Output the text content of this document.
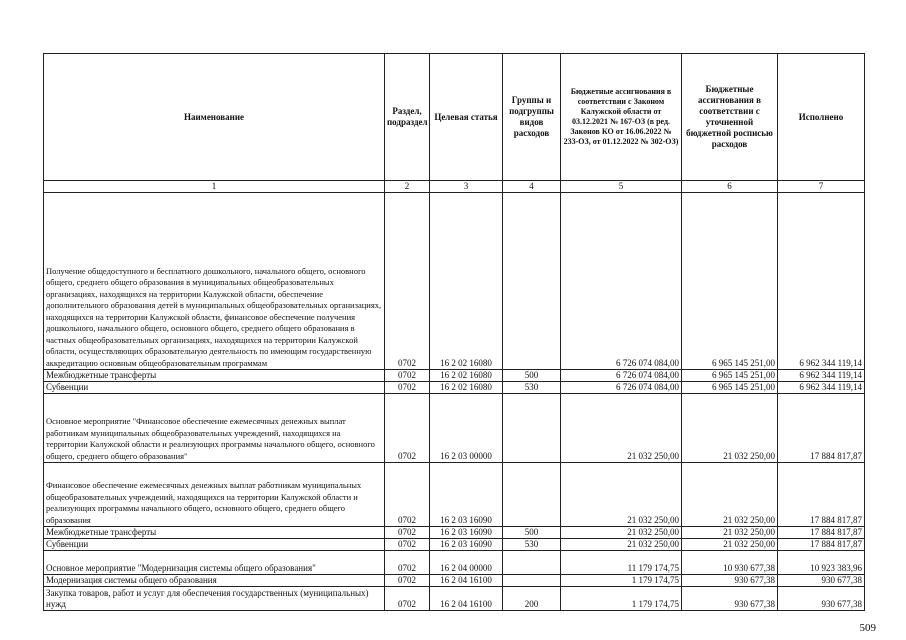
Наименование	Раздел, подраздел	Целевая статья	Группы и подгруппы видов расходов	Бюджетные ассигнования в соответствии с Законом Калужской области от 03.12.2021 № 167-ОЗ (в ред. Законов КО от 16.06.2022 № 233-ОЗ, от 01.12.2022 № 302-ОЗ)	Бюджетные ассигнования в соответствии с уточненной бюджетной росписью расходов	Исполнено
1	2	3	4	5	6	7
Получение общедоступного и бесплатного дошкольного, начального общего, основного общего, среднего общего образования в муниципальных общеобразовательных организациях, находящихся на территории Калужской области, обеспечение дополнительного образования детей в муниципальных общеобразовательных организациях, находящихся на территории Калужской области, финансовое обеспечение получения дошкольного, начального общего, основного общего, среднего общего образования в частных общеобразовательных организациях, находящихся на территории Калужской области, осуществляющих образовательную деятельность по имеющим государственную аккредитацию основным общеобразовательным программам	0702	16 2 02 16080		6 726 074 084,00	6 965 145 251,00	6 962 344 119,14
Межбюджетные трансферты	0702	16 2 02 16080	500	6 726 074 084,00	6 965 145 251,00	6 962 344 119,14
Субвенции	0702	16 2 02 16080	530	6 726 074 084,00	6 965 145 251,00	6 962 344 119,14
Основное мероприятие "Финансовое обеспечение ежемесячных денежных выплат работникам муниципальных общеобразовательных учреждений, находящихся на территории Калужской области и реализующих программы начального общего, основного общего, среднего общего образования"	0702	16 2 03 00000		21 032 250,00	21 032 250,00	17 884 817,87
Финансовое обеспечение ежемесячных денежных выплат работникам муниципальных общеобразовательных учреждений, находящихся на территории Калужской области и реализующих программы начального общего, основного общего, среднего общего образования	0702	16 2 03 16090		21 032 250,00	21 032 250,00	17 884 817,87
Межбюджетные трансферты	0702	16 2 03 16090	500	21 032 250,00	21 032 250,00	17 884 817,87
Субвенции	0702	16 2 03 16090	530	21 032 250,00	21 032 250,00	17 884 817,87
Основное мероприятие "Модернизация системы общего образования"	0702	16 2 04 00000		11 179 174,75	10 930 677,38	10 923 383,96
Модернизация системы общего образования	0702	16 2 04 16100		1 179 174,75	930 677,38	930 677,38
Закупка товаров, работ и услуг для обеспечения государственных (муниципальных) нужд	0702	16 2 04 16100	200	1 179 174,75	930 677,38	930 677,38
509
